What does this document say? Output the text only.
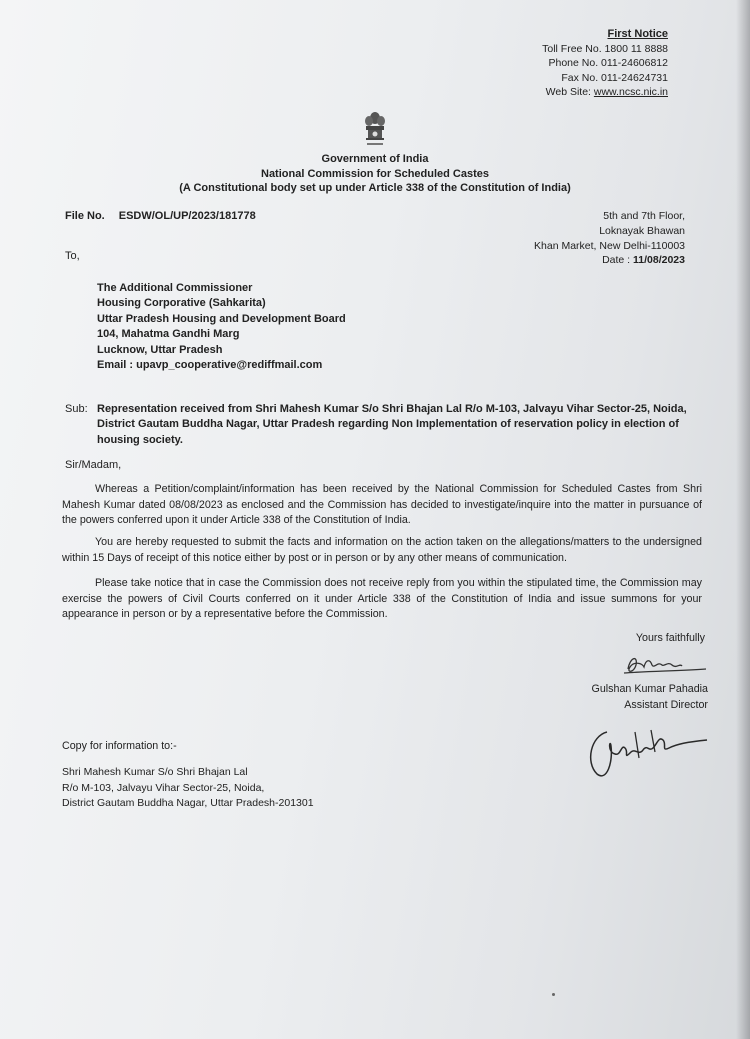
First Notice
Toll Free No. 1800 11 8888
Phone No. 011-24606812
Fax No. 011-24624731
Web Site: www.ncsc.nic.in
Government of India
National Commission for Scheduled Castes
(A Constitutional body set up under Article 338 of the Constitution of India)
File No. ESDW/OL/UP/2023/181778	5th and 7th Floor,
Loknayak Bhawan
Khan Market, New Delhi-110003
Date : 11/08/2023
To,
The Additional Commissioner
Housing Corporative (Sahkarita)
Uttar Pradesh Housing and Development Board
104, Mahatma Gandhi Marg
Lucknow, Uttar Pradesh
Email : upavp_cooperative@rediffmail.com
Sub: Representation received from Shri Mahesh Kumar S/o Shri Bhajan Lal R/o M-103, Jalvayu Vihar Sector-25, Noida,
District Gautam Buddha Nagar, Uttar Pradesh regarding Non Implementation of reservation policy in election of
housing society.
Sir/Madam,
Whereas a Petition/complaint/information has been received by the National Commission for Scheduled Castes from Shri Mahesh Kumar dated 08/08/2023 as enclosed and the Commission has decided to investigate/inquire into the matter in pursuance of the powers conferred upon it under Article 338 of the Constitution of India.
You are hereby requested to submit the facts and information on the action taken on the allegations/matters to the undersigned within 15 Days of receipt of this notice either by post or in person or by any other means of communication.
Please take notice that in case the Commission does not receive reply from you within the stipulated time, the Commission may exercise the powers of Civil Courts conferred on it under Article 338 of the Constitution of India and issue summons for your appearance in person or by a representative before the Commission.
Yours faithfully
Gulshan Kumar Pahadia
Assistant Director
Copy for information to:-
Shri Mahesh Kumar S/o Shri Bhajan Lal
R/o M-103, Jalvayu Vihar Sector-25, Noida,
District Gautam Buddha Nagar, Uttar Pradesh-201301
